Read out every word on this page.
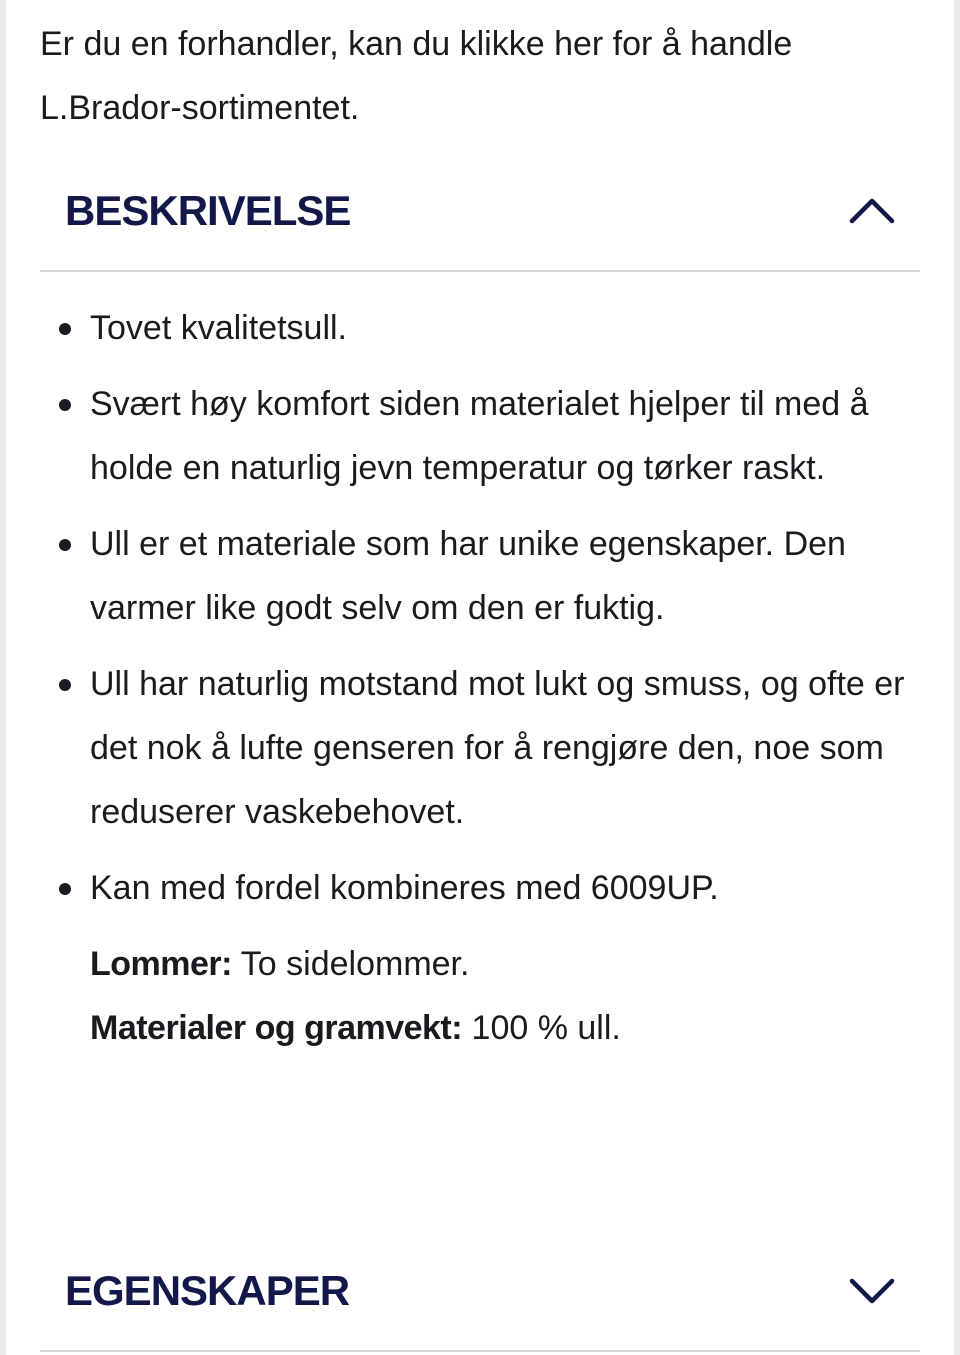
Er du en forhandler, kan du klikke her for å handle L.Brador-sortimentet.

BESKRIVELSE
Tovet kvalitetsull.
Svært høy komfort siden materialet hjelper til med å holde en naturlig jevn temperatur og tørker raskt.
Ull er et materiale som har unike egenskaper. Den varmer like godt selv om den er fuktig.
Ull har naturlig motstand mot lukt og smuss, og ofte er det nok å lufte genseren for å rengjøre den, noe som reduserer vaskebehovet.
Kan med fordel kombineres med 6009UP.
Lommer: To sidelommer.
Materialer og gramvekt: 100 % ull.
EGENSKAPER
